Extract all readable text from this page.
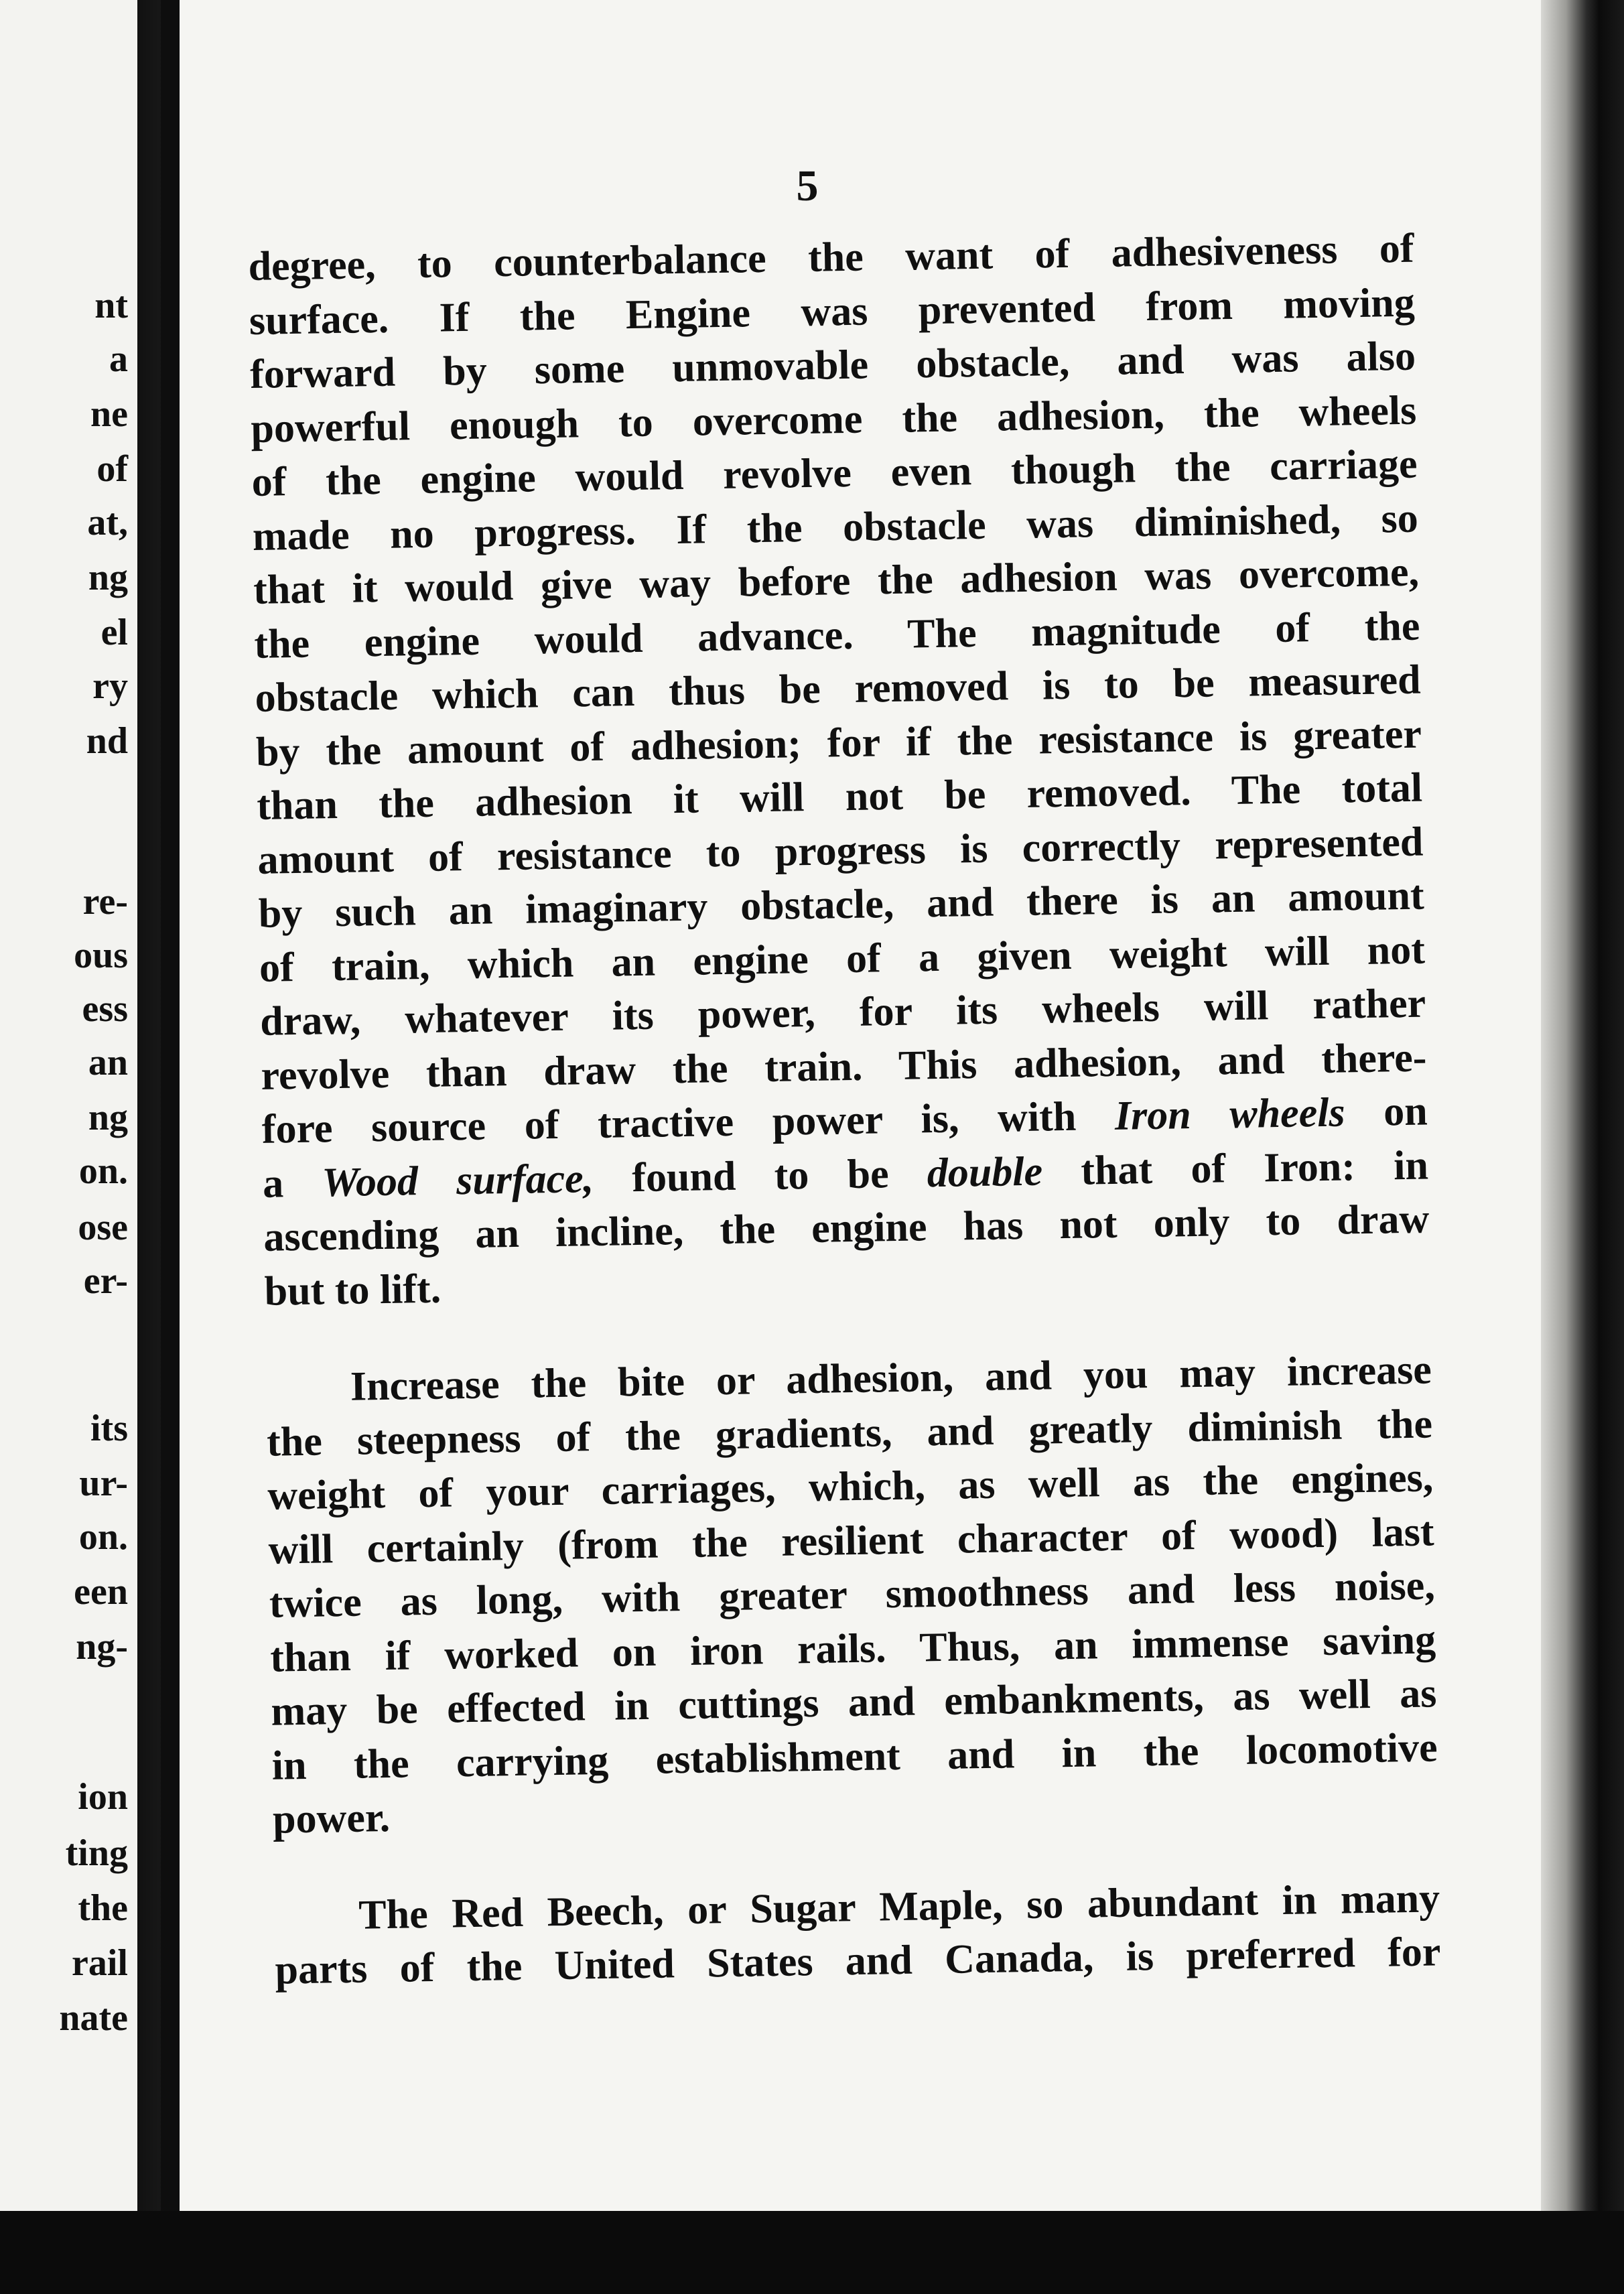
nt
a
ne
of
at,
ng
el
ry
nd
re-
ous
ess
an
ng
on.
ose
er-
its
ur-
on.
een
ng-
ion
ting
the
rail
nate
5
degree, to counterbalance the want of adhesiveness of
surface. If the Engine was prevented from moving
forward by some unmovable obstacle, and was also
powerful enough to overcome the adhesion, the wheels
of the engine would revolve even though the carriage
made no progress. If the obstacle was diminished, so
that it would give way before the adhesion was overcome,
the engine would advance. The magnitude of the
obstacle which can thus be removed is to be measured
by the amount of adhesion; for if the resistance is greater
than the adhesion it will not be removed. The total
amount of resistance to progress is correctly represented
by such an imaginary obstacle, and there is an amount
of train, which an engine of a given weight will not
draw, whatever its power, for its wheels will rather
revolve than draw the train. This adhesion, and there-
fore source of tractive power is, with Iron wheels on
a Wood surface, found to be double that of Iron: in
ascending an incline, the engine has not only to draw
but to lift.
Increase the bite or adhesion, and you may increase
the steepness of the gradients, and greatly diminish the
weight of your carriages, which, as well as the engines,
will certainly (from the resilient character of wood) last
twice as long, with greater smoothness and less noise,
than if worked on iron rails. Thus, an immense saving
may be effected in cuttings and embankments, as well as
in the carrying establishment and in the locomotive
power.
The Red Beech, or Sugar Maple, so abundant in many
parts of the United States and Canada, is preferred for
